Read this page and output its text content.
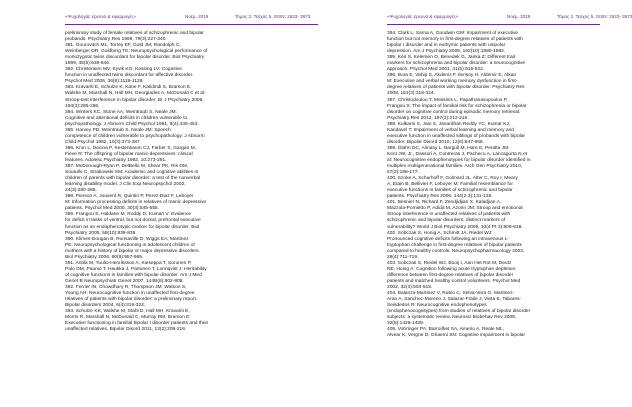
«Ψυχολογία: έρευνα & εφαρμογές»	Νοέμ. 2019	Τόμος 2, Τεύχος 5, ISSN: 2623- 3673	«Ψυχολογία: έρευνα & εφαρμογές»	Νοέμ. 2019	Τόμος 2, Τεύχος 5, ISSN: 2623- 3673

preliminary study of female relatives of schizophrenic and bipolar

probands. Psychiatry Res 1998, 79(3):227-240.

381. Gourovitch ML, Torrey EF, Gold JM, Randolph C,

Weinberger DR, Goldberg TE: Neuropsychological performance of

monozygotic twins discordant for bipolar disorder. Biol Psychiatry

1999, 45(5):639-646.

382. Christensen MV, Kyvik KO, Kessing LV: Cognitive

function in unaffected twins discordant for affective disorder.

Psychol Med 2006, 36(8):1119-1129.

383. Kravariti E, Schulze K, Kane F, Kalidindi S, Bramon E,

Walshe M, Marshall N, Hall MH, Georgiades A, McDonald C et al:

Stroop-test interference in bipolar disorder. Br J Psychiatry 2009,

194(3):285-286.

384. Winters KC, Stone AA, Weintraub S, Neale JM:

Cognitive and attentional deficits in children vulnerable to

psychopathology. J Abnorm Child Psychol 1981, 9(4):435-453.

385. Harvey PD, Weintraub S, Neale JM: Speech

competence of children vulnerable to psychopathology. J Abnorm

Child Psychol 1982, 10(3):373-387.

386. Kron L, Decina P, Kestenbaum CJ, Farber S, Gargan M,

Fieve R: The offspring of bipolar manic-depressives: clinical

features. Adolesc Psychiatry 1982, 10:273-291.

387. McDonough-Ryan P, DelBello M, Shear PK, Ris DM,

Soutullo C, Strakowski SM: Academic and cognitive abilities in

children of parents with bipolar disorder: a test of the nonverbal

learning disability model. J Clin Exp Neuropsychol 2002,

24(3):280-285.

388. Pierson A, Jouvent R, Quintin P, Perez-Diaz F, Leboyer

M: Information processing deficits in relatives of manic depressive

patients. Psychol Med 2000, 30(3):545-555.

389. Frangou S, Haldane M, Roddy D, Kumari V: Evidence

for deficit in tasks of ventral, but not dorsal, prefrontal executive

function as an endophenotypic marker for bipolar disorder. Biol

Psychiatry 2005, 58(10):838-839.

390. Klimes-Dougan B, Ronsaville D, Wiggs EA, Martinez

PE: Neuropsychological functioning in adolescent children of

mothers with a history of bipolar or major depressive disorders.

Biol Psychiatry 2006, 60(9):957-965.

391. Antila M, Tuulio-Henriksson A, Kieseppa T, Soronen P,

Palo OM, Paunio T, Haukka J, Partonen T, Lonnqvist J: Heritability

of cognitive functions in families with bipolar disorder. Am J Med

Genet B Neuropsychiatr Genet 2007, 144B(6):802-808.

392. Ferrier IN, Chowdhury R, Thompson JM, Watson S,

Young AH: Neurocognitive function in unaffected first-degree

relatives of patients with bipolar disorder: a preliminary report.

Bipolar disorders 2004, 6(4):319-322.

393. Schulze KK, Walshe M, Stahl D, Hall MH, Kravariti E,

Morris R, Marshall N, McDonald C, Murray RM, Bramon E:

Executive functioning in familial bipolar I disorder patients and their

unaffected relatives. Bipolar Disord 2011, 13(2):208-216.

394. Clark L, Sarna A, Goodwin GM: Impairment of executive

function but not memory in first-degree relatives of patients with

bipolar I disorder and in euthymic patients with unipolar

depression. Am J Psychiatry 2005, 162(10):1980-1982.

395. Kéri S, Kelemen O, Benedek G, Janka Z: Different trait

markers for schizophrenia and bipolar disorder: a neurocognitive

approach. Psychol Med 2001, 31(5):915-922.

396. Bora E, Vahip S, Akdeniz F, Ilerisoy H, Aldemir E, Alkan

M: Executive and verbal working memory dysfunction in first-

degree relatives of patients with bipolar disorder. Psychiatry Res

2008, 161(3):318-324.

397. Christodoulou T, Messinis L, Papathanasopoulos P,

Frangou S: The impact of familial risk for schizophrenia or bipolar

disorder on cognitive control during episodic memory retrieval.

Psychiatry Res 2012, 197(3):212-216.

398. Kulkarni S, Jain S, Janardhan Reddy YC, Kumar KJ,

Kandavel T: Impairment of verbal learning and memory and

executive function in unaffected siblings of probands with bipolar

disorder. Bipolar Disord 2010, 12(6):647-656.

399. Glahn DC, Almasy L, Barguil M, Hare E, Peralta JM,

Kent JW, Jr., Dassori A, Contreras J, Pacheco A, Lanzagorta N et

al: Neurocognitive endophenotypes for bipolar disorder identified in

multiplex multigenerational families. Arch Gen Psychiatry 2010,

67(2):168-177.

400. Szoke A, Schurhoff F, Golmard JL, Alter C, Roy I, Meary

A, Etain B, Bellivier F, Leboyer M: Familial resemblance for

executive functions in families of schizophrenic and bipolar

patients. Psychiatry Res 2006, 144(2-3):131-138.

401. Besnier N, Richard F, Zendjidjian X, Kaladjian A,

Mazzola-Pomietto P, Adida M, Azorin JM: Stroop and emotional

Stroop interference in unaffected relatives of patients with

schizophrenic and bipolar disorders: distinct markers of

vulnerability? World J Biol Psychiatry 2009, 10(4 Pt 3):809-818.

402. Sobczak S, Honig A, Schmitt JA, Riedel WJ:

Pronounced cognitive deficits following an intravenous L-

tryptophan challenge in first-degree relatives of bipolar patients

compared to healthy controls. Neuropsychopharmacology 2003,

28(4):711-719.

403. Sobczak S, Riedel WJ, Booij I, Aan Het Rot M, Deutz

NE, Honig A: Cognition following acute tryptophan depletion:

difference between first-degree relatives of bipolar disorder

patients and matched healthy control volunteers. Psychol Med

2002, 32(3):503-515.

404. Balanza-Martinez V, Rubio C, Selva-Vera G, Martinez-

Aran A, Sanchez-Moreno J, Salazar-Fraile J, Vieta E, Tabares-

Seisdedos R: Neurocognitive endophenotypes

(endophenocognitypes) from studies of relatives of bipolar disorder

subjects: a systematic review. Neurosci Biobehav Rev 2008,

32(8):1426-1438.

405. Vohringer PA, Barroilhet SA, Amerio A, Reale ML,

Alvear K, Vergne D, Ghaemi SN: Cognitive impairment in bipolar
